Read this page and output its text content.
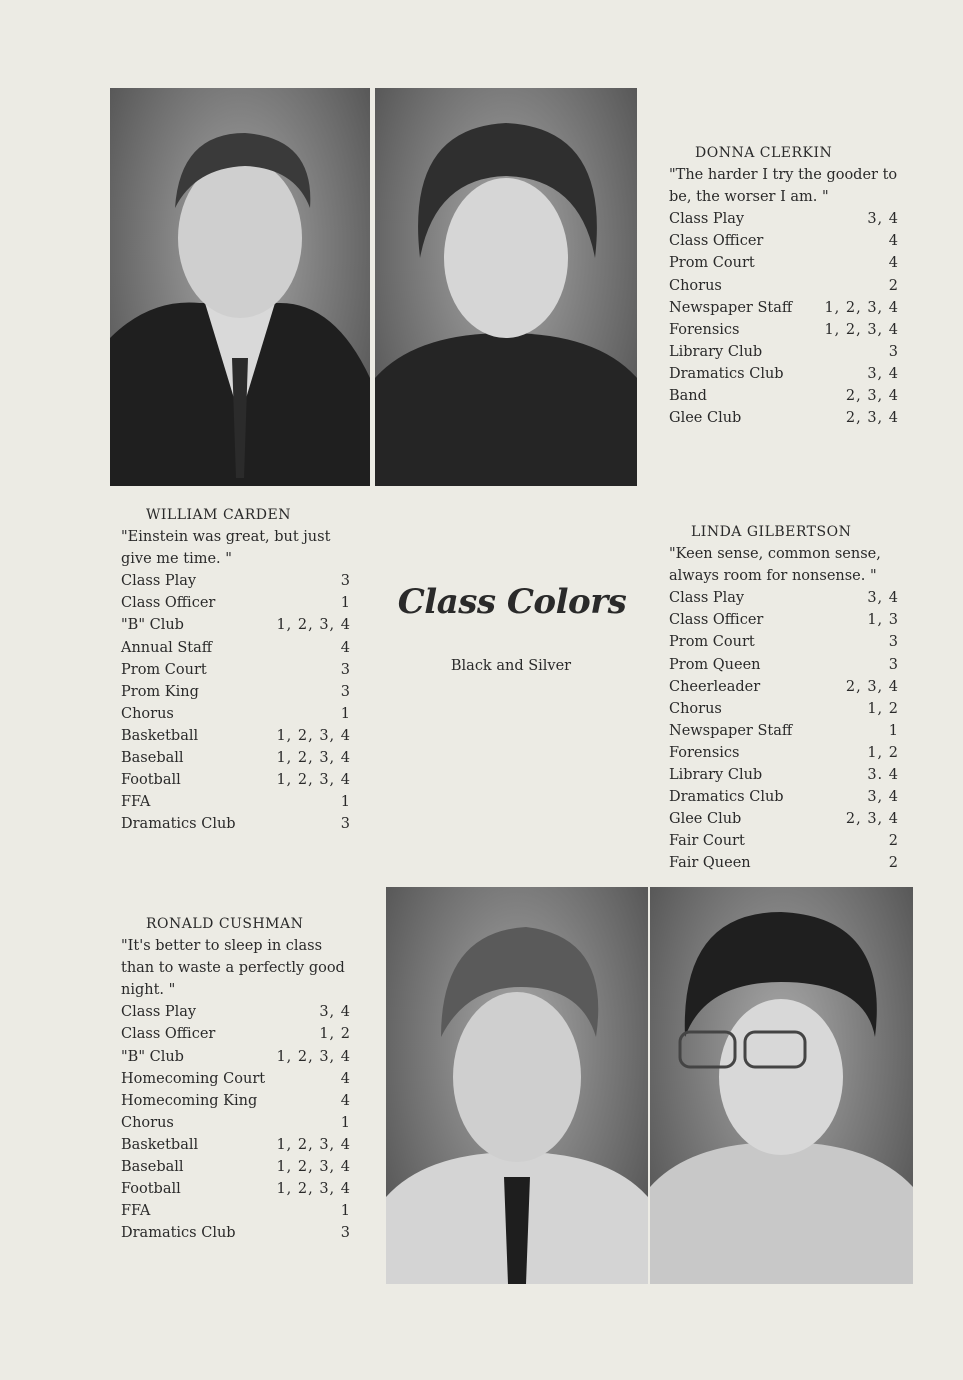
DONNA CLERKIN
"The harder I try the gooder to
be, the worser I am. "
Class Play	3, 4
Class Officer	4
Prom Court	4
Chorus	2
Newspaper Staff 1, 2, 3, 4
Forensics	1, 2, 3, 4
Library Club	3
Dramatics Club	3, 4
Band	2, 3, 4
Glee Club	2, 3, 4
WILLIAM CARDEN
"Einstein was great, but just
give me time. "
Class Play	3
Class Officer	1
"B" Club	1, 2, 3, 4
Annual Staff	4
Prom Court	3
Prom King	3
Chorus	1
Basketball	1, 2, 3, 4
Baseball	1, 2, 3, 4
Football	1, 2, 3, 4
FFA	1
Dramatics Club	3
Class Colors
Black and Silver
LINDA GILBERTSON
"Keen sense, common sense,
always room for nonsense. "
Class Play	3, 4
Class Officer	1, 3
Prom Court	3
Prom Queen	3
Cheerleader	2, 3, 4
Chorus	1, 2
Newspaper Staff	1
Forensics	1, 2
Library Club	3. 4
Dramatics Club	3, 4
Glee Club	2, 3, 4
Fair Court	2
Fair Queen	2
RONALD CUSHMAN
"It's better to sleep in class
than to waste a perfectly good
night. "
Class Play	3, 4
Class Officer	1, 2
"B" Club	1, 2, 3, 4
Homecoming Court	4
Homecoming King	4
Chorus	1
Basketball	1, 2, 3, 4
Baseball	1, 2, 3, 4
Football	1, 2, 3, 4
FFA	1
Dramatics Club	3
